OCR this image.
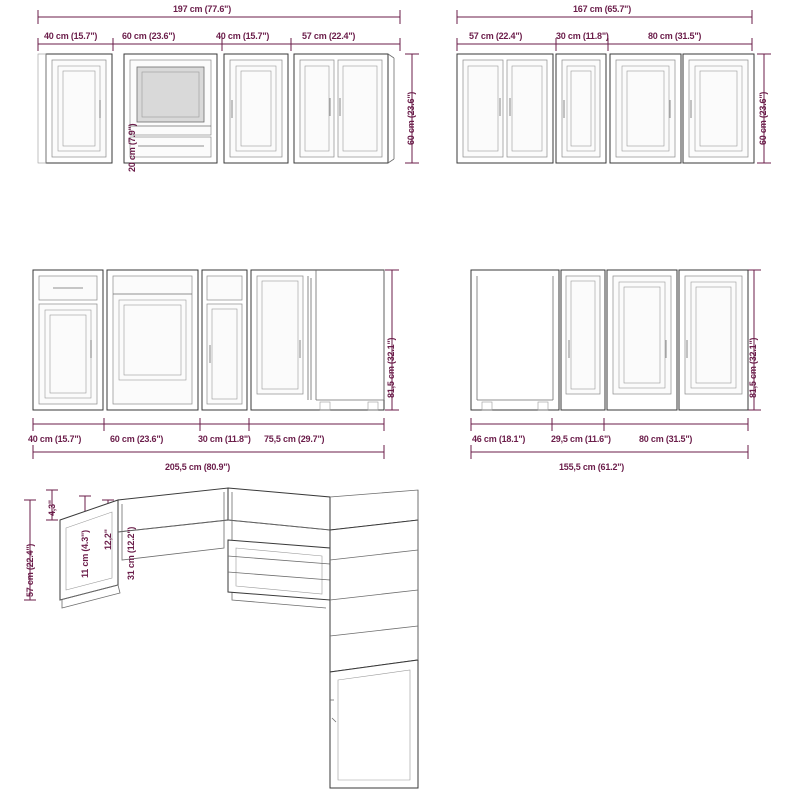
197 cm (77.6")
40 cm (15.7")	60 cm (23.6")	40 cm (15.7")	57 cm (22.4")
60 cm (23.6")
20 cm (7.9")
167 cm (65.7")
57 cm (22.4")	30 cm (11.8")	80 cm (31.5")
60 cm (23.6")
81,5 cm (32.1")
40 cm (15.7")	60 cm (23.6")	30 cm (11.8") 75,5 cm (29.7")
205,5 cm (80.9")
81,5 cm (32.1")
46 cm (18.1")	29,5 cm (11.6")	80 cm (31.5")
155,5 cm (61.2")
4,3"
11 cm (4.3") 12,2" 31 cm (12.2")
57 cm (22.4")
